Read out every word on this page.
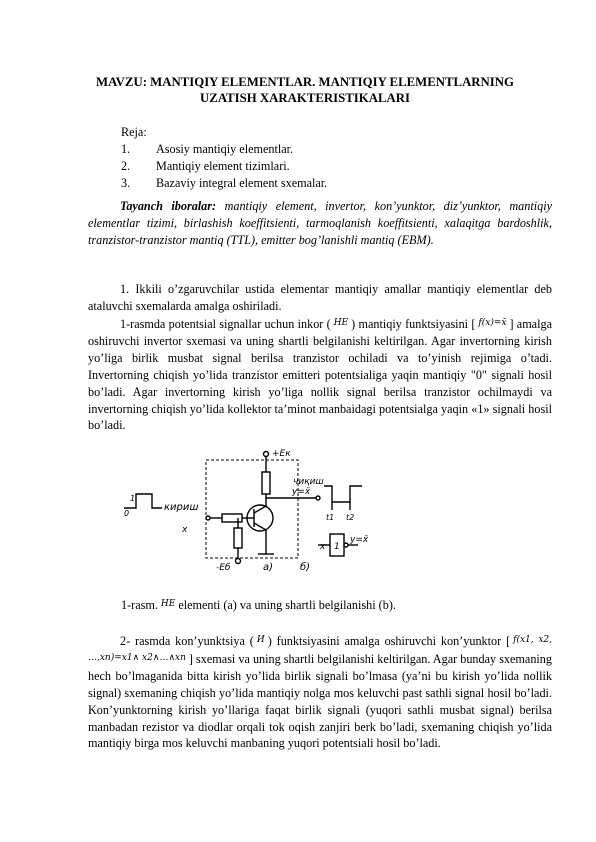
MAVZU: MANTIQIY ELEMENTLAR. MANTIQIY ELEMENTLARNING
UZATISH XARAKTERISTIKALARI
Reja:
1.	Asosiy mantiqiy elementlar.
2.	Mantiqiy element tizimlari.
3.	Bazaviy integral element sxemalar.
Tayanch iboralar: mantiqiy element, invertor, kon’yunktor, diz’yunktor, mantiqiy elementlar tizimi, birlashish koeffitsienti, tarmoqlanish koeffitsienti, xalaqitga bardoshlik, tranzistor-tranzistor mantiq (TTL), emitter bog’lanishli mantiq (EBM).
1. Ikkili o’zgaruvchilar ustida elementar mantiqiy amallar mantiqiy elementlar deb ataluvchi sxemalarda amalga oshiriladi.
1-rasmda potentsial signallar uchun inkor ( $^{HE}$ ) mantiqiy funktsiyasini [ $^{f(x)=x̄}$ ] amalga oshiruvchi invertor sxemasi va uning shartli belgilanishi keltirilgan. Agar invertorning kirish yo’liga birlik musbat signal berilsa tranzistor ochiladi va to’yinish rejimiga o’tadi. Invertorning chiqish yo’lida tranzistor emitteri potentsialiga yaqin mantiqiy "0" signali hosil bo’ladi. Agar invertorning kirish yo’liga nollik signal berilsa tranzistor ochilmaydi va invertorning chiqish yo’lida kollektor ta’minot manbaidagi potentsialga yaqin «1» signali hosil bo’ladi.
+Eк
чиқиш
y=x̄
кириш
x
-Eб	a)	б)
x 1
y=x̄
1
0	t1 t2
1-rasm. $^{HE}$ elementi (a) va uning shartli belgilanishi (b).
2- rasmda kon’yunktsiya ( $^И$ ) funktsiyasini amalga oshiruvchi kon’yunktor [ $^{f(x1, x2, \dots,xn)=x1\wedge x2\wedge\dots\wedge xn}$ ] sxemasi va uning shartli belgilanishi keltirilgan. Agar bunday sxemaning hech bo’lmaganida bitta kirish yo’lida birlik signali bo’lmasa (ya’ni bu kirish yo’lida nollik signal) sxemaning chiqish yo’lida mantiqiy nolga mos keluvchi past sathli signal hosil bo’ladi. Kon’yunktorning kirish yo’llariga faqat birlik signali (yuqori sathli musbat signal) berilsa manbadan rezistor va diodlar orqali tok oqish zanjiri berk bo’ladi, sxemaning chiqish yo’lida mantiqiy birga mos keluvchi manbaning yuqori potentsiali hosil bo’ladi.
